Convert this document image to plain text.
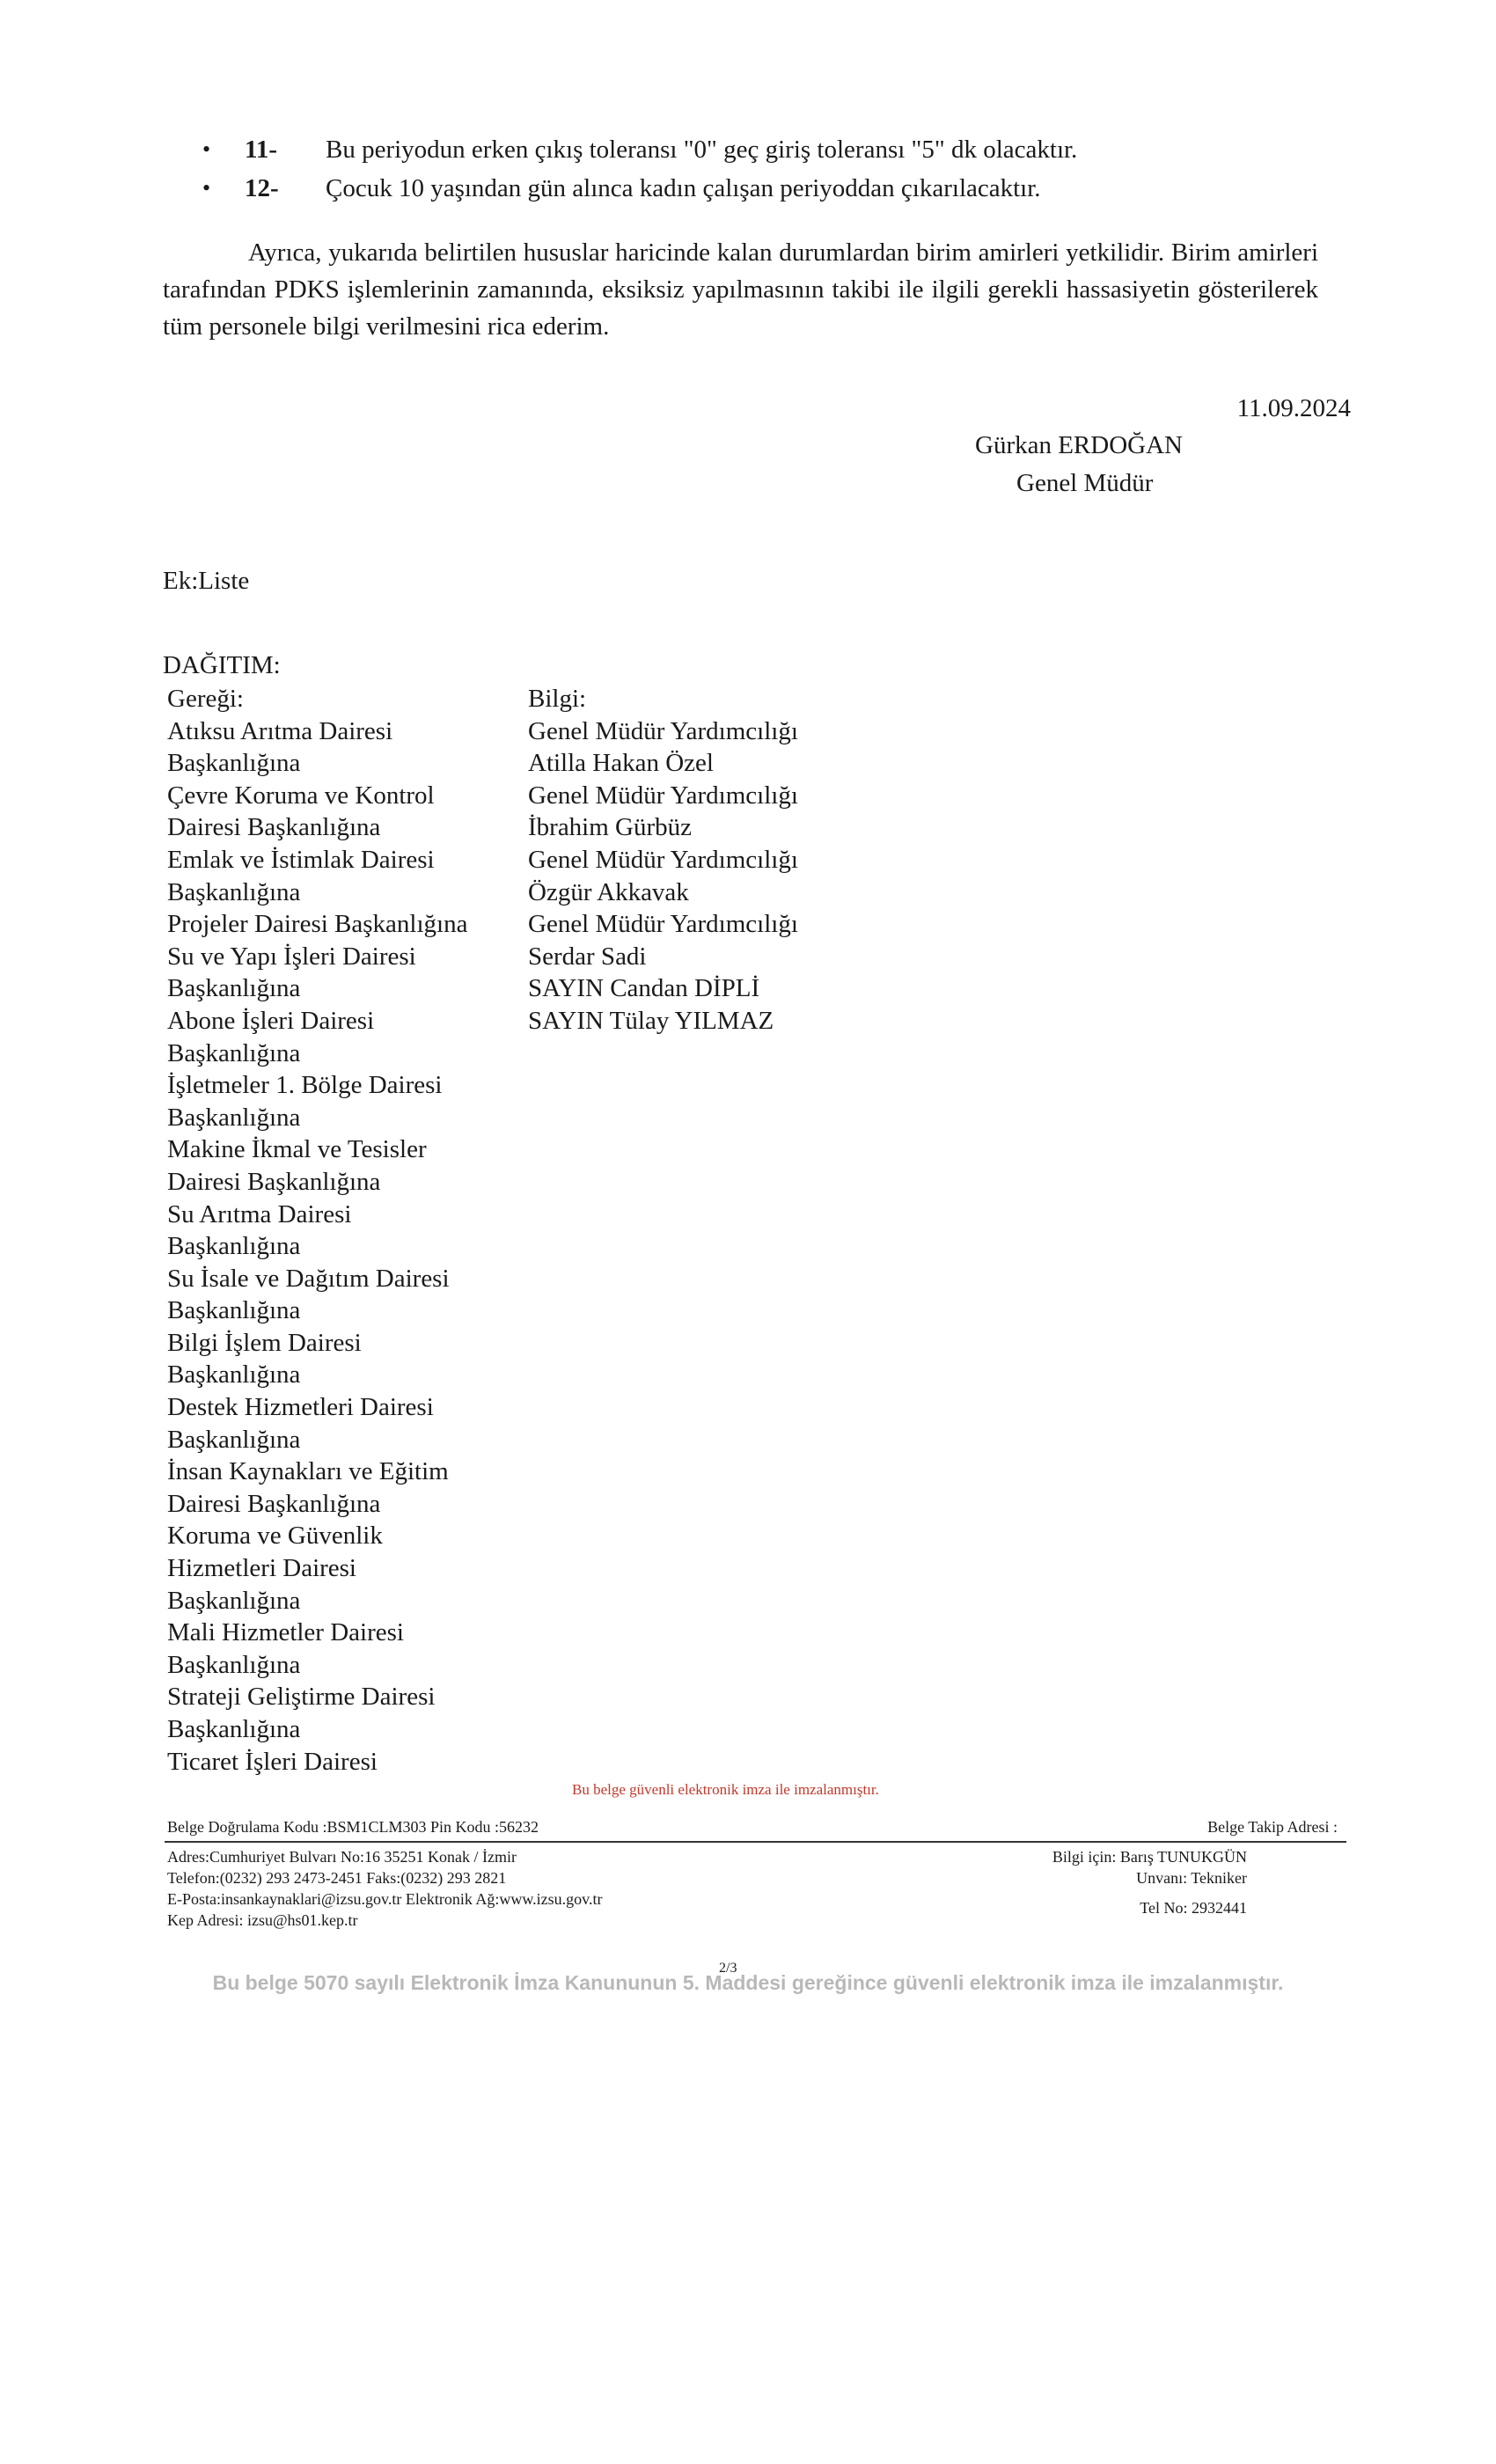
• 11- Bu periyodun erken çıkış toleransı "0" geç giriş toleransı "5" dk olacaktır.
• 12- Çocuk 10 yaşından gün alınca kadın çalışan periyoddan çıkarılacaktır.
Ayrıca, yukarıda belirtilen hususlar haricinde kalan durumlardan birim amirleri yetkilidir. Birim amirleri tarafından PDKS işlemlerinin zamanında, eksiksiz yapılmasının takibi ile ilgili gerekli hassasiyetin gösterilerek tüm personele bilgi verilmesini rica ederim.
11.09.2024
Gürkan ERDOĞAN
Genel Müdür
Ek:Liste
DAĞITIM:
Gereği:
Atıksu Arıtma Dairesi
Başkanlığına
Çevre Koruma ve Kontrol
Dairesi Başkanlığına
Emlak ve İstimlak Dairesi
Başkanlığına
Projeler Dairesi Başkanlığına
Su ve Yapı İşleri Dairesi
Başkanlığına
Abone İşleri Dairesi
Başkanlığına
İşletmeler 1. Bölge Dairesi
Başkanlığına
Makine İkmal ve Tesisler
Dairesi Başkanlığına
Su Arıtma Dairesi
Başkanlığına
Su İsale ve Dağıtım Dairesi
Başkanlığına
Bilgi İşlem Dairesi
Başkanlığına
Destek Hizmetleri Dairesi
Başkanlığına
İnsan Kaynakları ve Eğitim
Dairesi Başkanlığına
Koruma ve Güvenlik
Hizmetleri Dairesi
Başkanlığına
Mali Hizmetler Dairesi
Başkanlığına
Strateji Geliştirme Dairesi
Başkanlığına
Ticaret İşleri Dairesi
Bilgi:
Genel Müdür Yardımcılığı
Atilla Hakan Özel
Genel Müdür Yardımcılığı
İbrahim Gürbüz
Genel Müdür Yardımcılığı
Özgür Akkavak
Genel Müdür Yardımcılığı
Serdar Sadi
SAYIN Candan DİPLİ
SAYIN Tülay YILMAZ
Bu belge güvenli elektronik imza ile imzalanmıştır.
Belge Doğrulama Kodu :BSM1CLM303 Pin Kodu :56232	Belge Takip Adresi :
Adres:Cumhuriyet Bulvarı No:16 35251 Konak / İzmir
Telefon:(0232) 293 2473-2451 Faks:(0232) 293 2821
E-Posta:insankaynaklari@izsu.gov.tr Elektronik Ağ:www.izsu.gov.tr
Kep Adresi: izsu@hs01.kep.tr
Bilgi için: Barış TUNUKGÜN
Unvanı: Tekniker
Tel No: 2932441
2/3
Bu belge 5070 sayılı Elektronik İmza Kanununun 5. Maddesi gereğince güvenli elektronik imza ile imzalanmıştır.
